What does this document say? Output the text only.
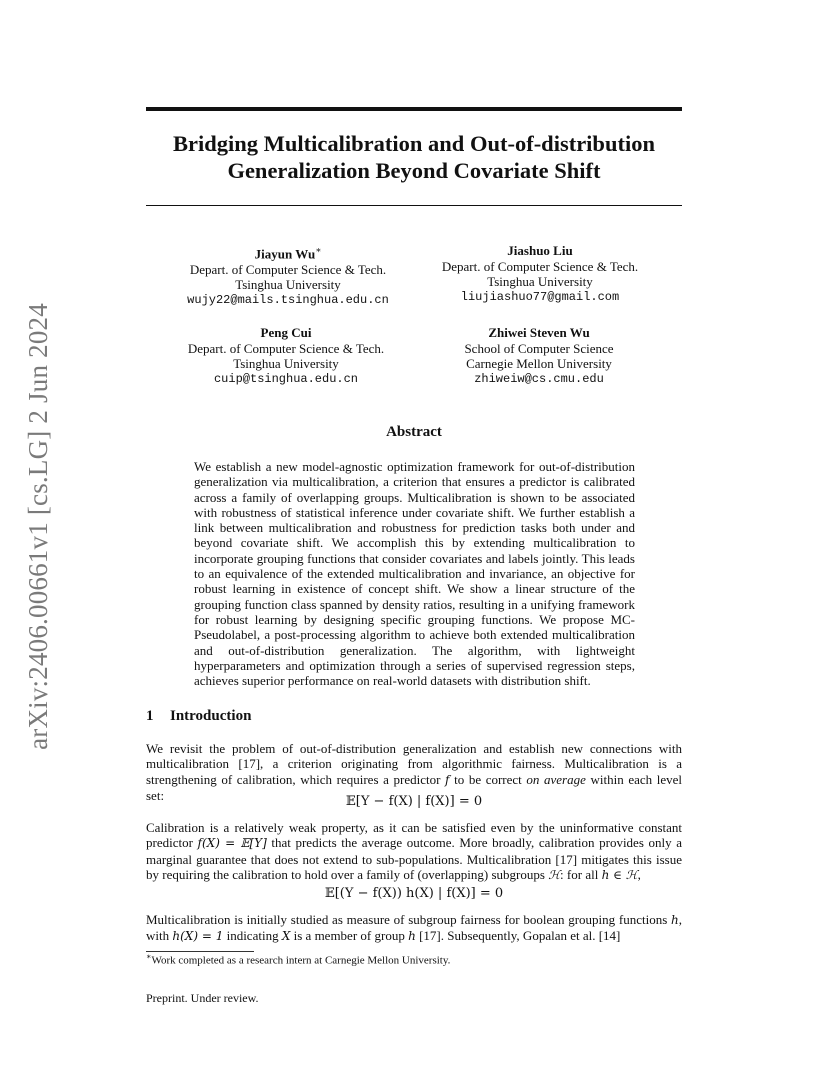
arXiv:2406.00661v1 [cs.LG] 2 Jun 2024
Bridging Multicalibration and Out-of-distribution Generalization Beyond Covariate Shift
Jiayun Wu∗
Depart. of Computer Science & Tech.
Tsinghua University
wujy22@mails.tsinghua.edu.cn
Jiashuo Liu
Depart. of Computer Science & Tech.
Tsinghua University
liujiashuo77@gmail.com
Peng Cui
Depart. of Computer Science & Tech.
Tsinghua University
cuip@tsinghua.edu.cn
Zhiwei Steven Wu
School of Computer Science
Carnegie Mellon University
zhiweiw@cs.cmu.edu
Abstract
We establish a new model-agnostic optimization framework for out-of-distribution generalization via multicalibration, a criterion that ensures a predictor is calibrated across a family of overlapping groups. Multicalibration is shown to be associated with robustness of statistical inference under covariate shift. We further establish a link between multicalibration and robustness for prediction tasks both under and beyond covariate shift. We accomplish this by extending multicalibration to incorporate grouping functions that consider covariates and labels jointly. This leads to an equivalence of the extended multicalibration and invariance, an objective for robust learning in existence of concept shift. We show a linear structure of the grouping function class spanned by density ratios, resulting in a unifying framework for robust learning by designing specific grouping functions. We propose MC-Pseudolabel, a post-processing algorithm to achieve both extended multicalibration and out-of-distribution generalization. The algorithm, with lightweight hyperparameters and optimization through a series of supervised regression steps, achieves superior performance on real-world datasets with distribution shift.
1 Introduction
We revisit the problem of out-of-distribution generalization and establish new connections with multicalibration [17], a criterion originating from algorithmic fairness. Multicalibration is a strengthening of calibration, which requires a predictor f to be correct on average within each level set:	𝔼[Y − f(X) | f(X)] = 0
Calibration is a relatively weak property, as it can be satisfied even by the uninformative constant predictor f(X) = 𝔼[Y] that predicts the average outcome. More broadly, calibration provides only a marginal guarantee that does not extend to sub-populations. Multicalibration [17] mitigates this issue by requiring the calibration to hold over a family of (overlapping) subgroups ℋ: for all h ∈ ℋ,
𝔼[(Y − f(X)) h(X) | f(X)] = 0
Multicalibration is initially studied as measure of subgroup fairness for boolean grouping functions h, with h(X) = 1 indicating X is a member of group h [17]. Subsequently, Gopalan et al. [14]
∗Work completed as a research intern at Carnegie Mellon University.
Preprint. Under review.
